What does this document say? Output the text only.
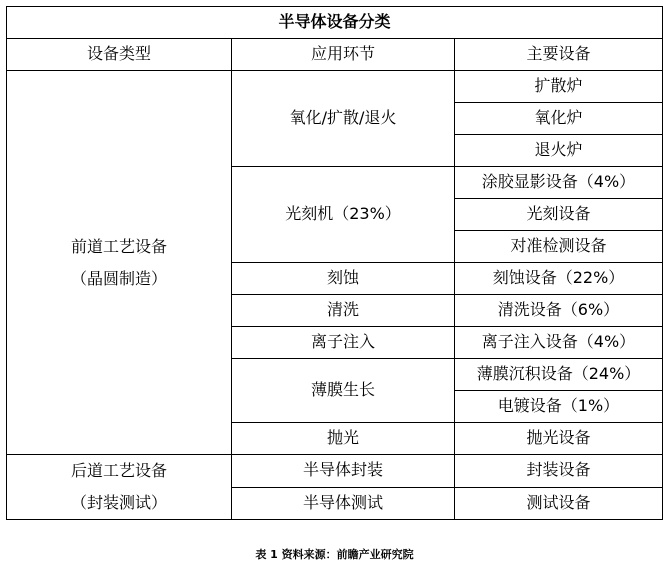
半导体设备分类		
设备类型	应用环节	主要设备

前道工艺设备
（晶圆制造）	氧化/扩散/退火	扩散炉
		氧化炉
		退火炉
	光刻机（23%）	涂胶显影设备（4%）
		光刻设备
		对准检测设备
	刻蚀	刻蚀设备（22%）
	清洗	清洗设备（6%）
	离子注入	离子注入设备（4%）
	薄膜生长	薄膜沉积设备（24%）
		电镀设备（1%）
	抛光	抛光设备

后道工艺设备
（封装测试）	半导体封装	封装设备
	半导体测试	测试设备
表 1 资料来源：前瞻产业研究院
